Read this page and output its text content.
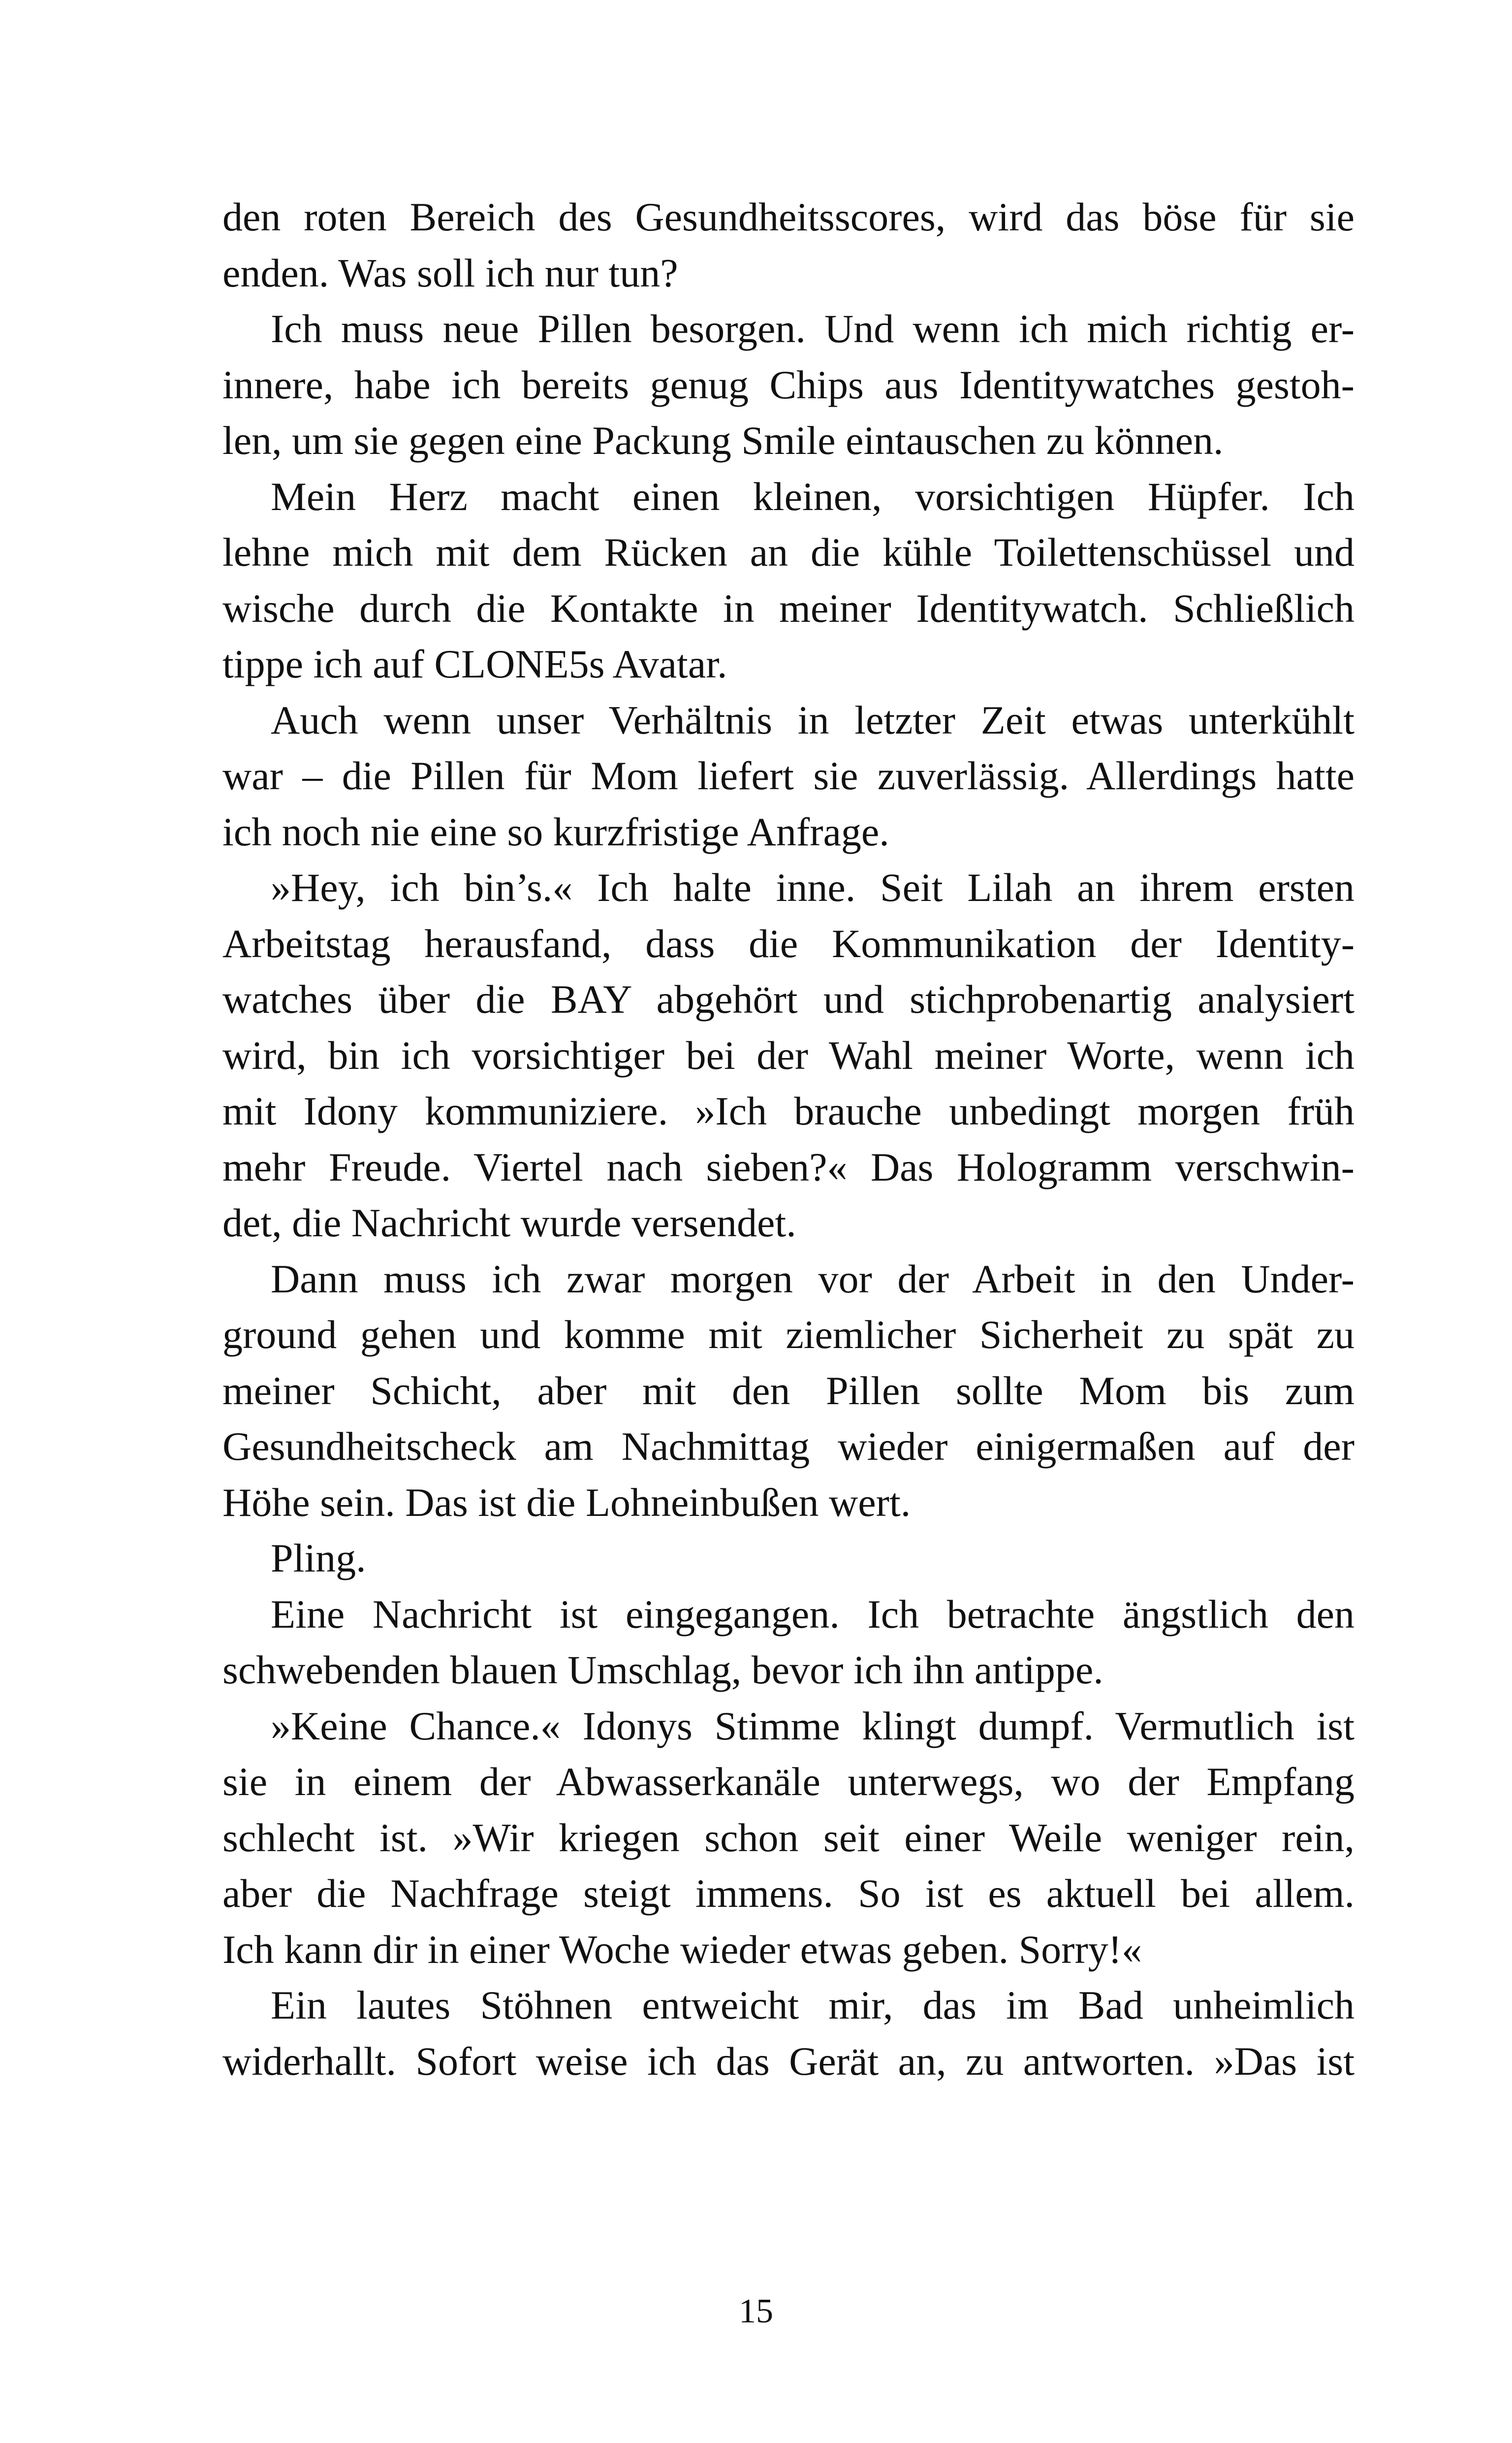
den roten Bereich des Gesundheitsscores, wird das böse für sie
enden. Was soll ich nur tun?
Ich muss neue Pillen besorgen. Und wenn ich mich richtig er-
innere, habe ich bereits genug Chips aus Identitywatches gestoh-
len, um sie gegen eine Packung Smile eintauschen zu können.
Mein Herz macht einen kleinen, vorsichtigen Hüpfer. Ich
lehne mich mit dem Rücken an die kühle Toilettenschüssel und
wische durch die Kontakte in meiner Identitywatch. Schließlich
tippe ich auf CLONE5s Avatar.
Auch wenn unser Verhältnis in letzter Zeit etwas unterkühlt
war – die Pillen für Mom liefert sie zuverlässig. Allerdings hatte
ich noch nie eine so kurzfristige Anfrage.
»Hey, ich bin’s.« Ich halte inne. Seit Lilah an ihrem ersten
Arbeitstag herausfand, dass die Kommunikation der Identity-
watches über die BAY abgehört und stichprobenartig analysiert
wird, bin ich vorsichtiger bei der Wahl meiner Worte, wenn ich
mit Idony kommuniziere. »Ich brauche unbedingt morgen früh
mehr Freude. Viertel nach sieben?« Das Hologramm verschwin-
det, die Nachricht wurde versendet.
Dann muss ich zwar morgen vor der Arbeit in den Under-
ground gehen und komme mit ziemlicher Sicherheit zu spät zu
meiner Schicht, aber mit den Pillen sollte Mom bis zum
Gesundheitscheck am Nachmittag wieder einigermaßen auf der
Höhe sein. Das ist die Lohneinbußen wert.
Pling.
Eine Nachricht ist eingegangen. Ich betrachte ängstlich den
schwebenden blauen Umschlag, bevor ich ihn antippe.
»Keine Chance.« Idonys Stimme klingt dumpf. Vermutlich ist
sie in einem der Abwasserkanäle unterwegs, wo der Empfang
schlecht ist. »Wir kriegen schon seit einer Weile weniger rein,
aber die Nachfrage steigt immens. So ist es aktuell bei allem.
Ich kann dir in einer Woche wieder etwas geben. Sorry!«
Ein lautes Stöhnen entweicht mir, das im Bad unheimlich
widerhallt. Sofort weise ich das Gerät an, zu antworten. »Das ist
15
